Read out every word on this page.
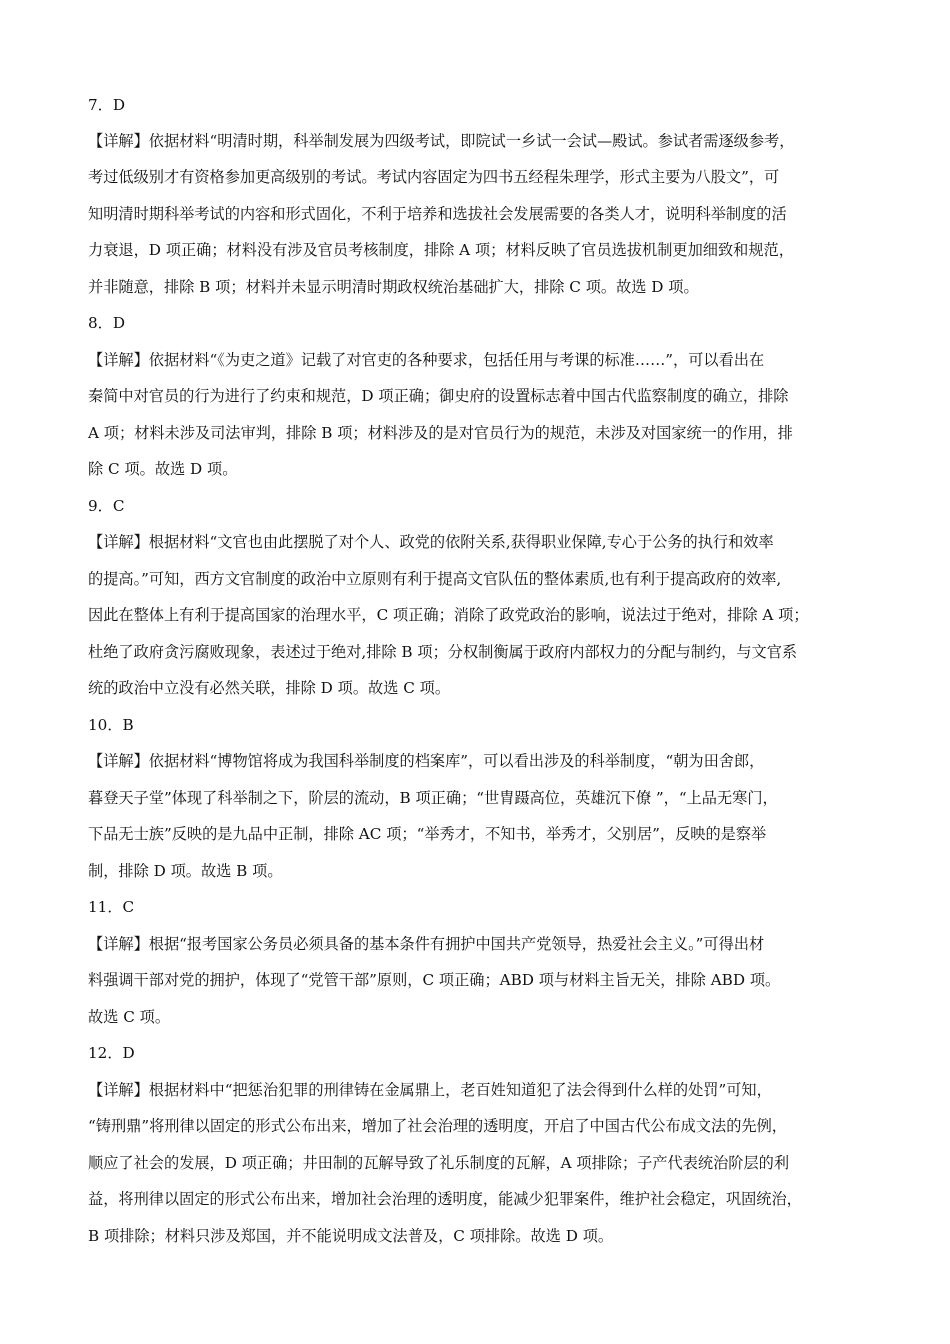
7．D
【详解】依据材料“明清时期，科举制发展为四级考试，即院试一乡试一会试—殿试。参试者需逐级参考，
考过低级别才有资格参加更高级别的考试。考试内容固定为四书五经程朱理学，形式主要为八股文”，可
知明清时期科举考试的内容和形式固化，不利于培养和选拔社会发展需要的各类人才，说明科举制度的活
力衰退，D 项正确；材料没有涉及官员考核制度，排除 A 项；材料反映了官员选拔机制更加细致和规范，
并非随意，排除 B 项；材料并未显示明清时期政权统治基础扩大，排除 C 项。故选 D 项。
8．D
【详解】依据材料“《为吏之道》记载了对官吏的各种要求，包括任用与考课的标准……”，可以看出在
秦简中对官员的行为进行了约束和规范，D 项正确；御史府的设置标志着中国古代监察制度的确立，排除
A 项；材料未涉及司法审判，排除 B 项；材料涉及的是对官员行为的规范，未涉及对国家统一的作用，排
除 C 项。故选 D 项。
9．C
【详解】根据材料“文官也由此摆脱了对个人、政党的依附关系,获得职业保障,专心于公务的执行和效率
的提高。”可知，西方文官制度的政治中立原则有利于提高文官队伍的整体素质,也有利于提高政府的效率,
因此在整体上有利于提高国家的治理水平，C 项正确；消除了政党政治的影响，说法过于绝对，排除 A 项；
杜绝了政府贪污腐败现象，表述过于绝对,排除 B 项；分权制衡属于政府内部权力的分配与制约，与文官系
统的政治中立没有必然关联，排除 D 项。故选 C 项。
10．B
【详解】依据材料“博物馆将成为我国科举制度的档案库”，可以看出涉及的科举制度，“朝为田舍郎，
暮登天子堂”体现了科举制之下，阶层的流动，B 项正确；“世胄蹑高位，英雄沉下僚 ”，“上品无寒门，
下品无士族”反映的是九品中正制，排除 AC 项；“举秀才，不知书，举秀才，父别居”，反映的是察举
制，排除 D 项。故选 B 项。
11．C
【详解】根据“报考国家公务员必须具备的基本条件有拥护中国共产党领导，热爱社会主义。”可得出材
料强调干部对党的拥护，体现了“党管干部”原则，C 项正确；ABD 项与材料主旨无关，排除 ABD 项。
故选 C 项。
12．D
【详解】根据材料中“把惩治犯罪的刑律铸在金属鼎上，老百姓知道犯了法会得到什么样的处罚”可知，
“铸刑鼎”将刑律以固定的形式公布出来，增加了社会治理的透明度，开启了中国古代公布成文法的先例，
顺应了社会的发展，D 项正确；井田制的瓦解导致了礼乐制度的瓦解，A 项排除；子产代表统治阶层的利
益，将刑律以固定的形式公布出来，增加社会治理的透明度，能减少犯罪案件，维护社会稳定，巩固统治，
B 项排除；材料只涉及郑国，并不能说明成文法普及，C 项排除。故选 D 项。
